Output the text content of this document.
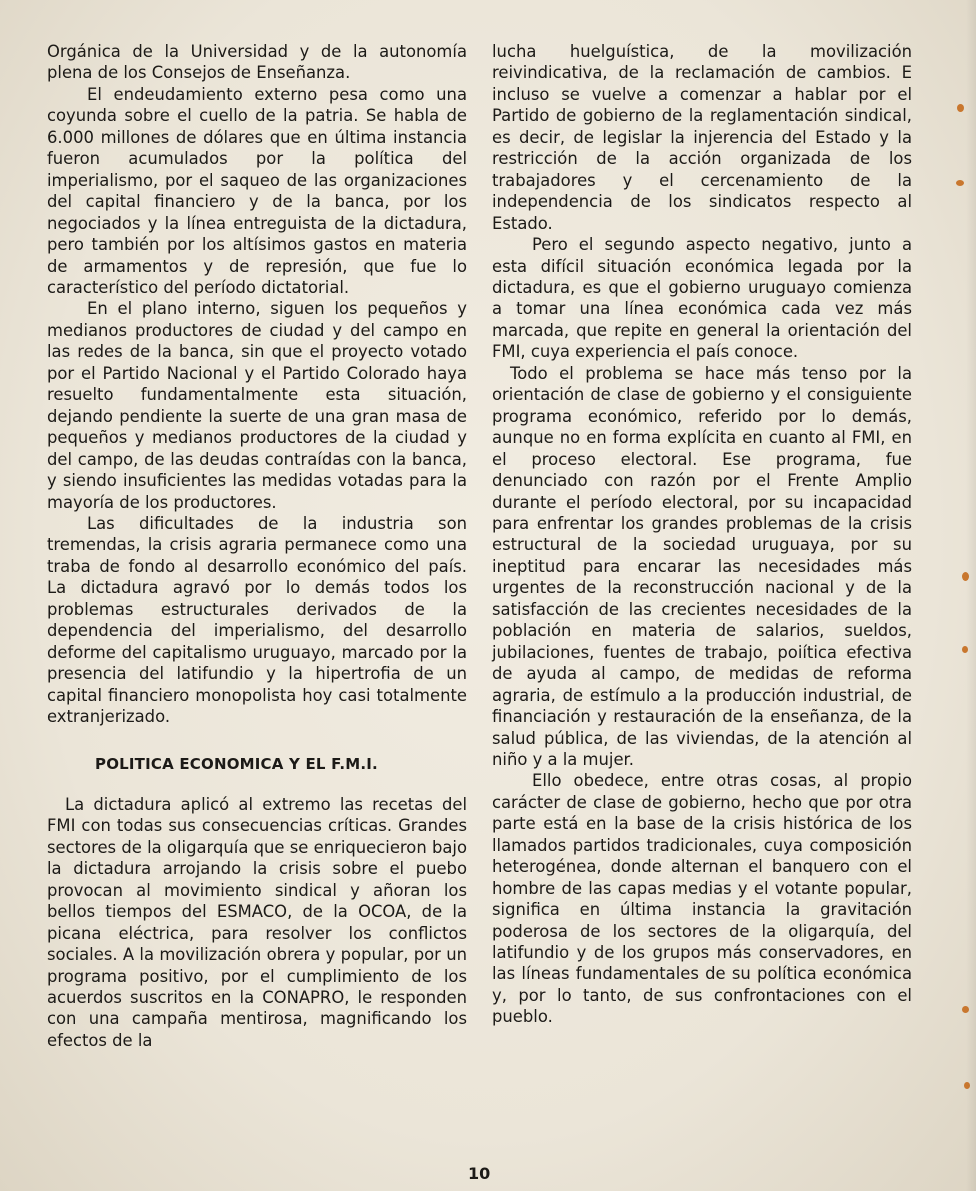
Orgánica de la Universidad y de la autonomía plena de los Consejos de Enseñanza.

El endeudamiento externo pesa como una coyunda sobre el cuello de la patria. Se habla de 6.000 millones de dólares que en última instancia fueron acumulados por la política del imperialismo, por el saqueo de las organizaciones del capital financiero y de la banca, por los negociados y la línea entreguista de la dictadura, pero también por los altísimos gastos en materia de armamentos y de represión, que fue lo característico del período dictatorial.

En el plano interno, siguen los pequeños y medianos productores de ciudad y del campo en las redes de la banca, sin que el proyecto votado por el Partido Nacional y el Partido Colorado haya resuelto fundamentalmente esta situación, dejando pendiente la suerte de una gran masa de pequeños y medianos productores de la ciudad y del campo, de las deudas contraídas con la banca, y siendo insuficientes las medidas votadas para la mayoría de los productores.

Las dificultades de la industria son tremendas, la crisis agraria permanece como una traba de fondo al desarrollo económico del país. La dictadura agravó por lo demás todos los problemas estructurales derivados de la dependencia del imperialismo, del desarrollo deforme del capitalismo uruguayo, marcado por la presencia del latifundio y la hipertrofia de un capital financiero monopolista hoy casi totalmente extranjerizado.

POLITICA ECONOMICA Y EL F.M.I.

La dictadura aplicó al extremo las recetas del FMI con todas sus consecuencias críticas. Grandes sectores de la oligarquía que se enriquecieron bajo la dictadura arrojando la crisis sobre el puebo provocan al movimiento sindical y añoran los bellos tiempos del ESMACO, de la OCOA, de la picana eléctrica, para resolver los conflictos sociales. A la movilización obrera y popular, por un programa positivo, por el cumplimiento de los acuerdos suscritos en la CONAPRO, le responden con una campaña mentirosa, magnificando los efectos de la

lucha huelguística, de la movilización reivindicativa, de la reclamación de cambios. E incluso se vuelve a comenzar a hablar por el Partido de gobierno de la reglamentación sindical, es decir, de legislar la injerencia del Estado y la restricción de la acción organizada de los trabajadores y el cercenamiento de la independencia de los sindicatos respecto al Estado.

Pero el segundo aspecto negativo, junto a esta difícil situación económica legada por la dictadura, es que el gobierno uruguayo comienza a tomar una línea económica cada vez más marcada, que repite en general la orientación del FMI, cuya experiencia el país conoce.

Todo el problema se hace más tenso por la orientación de clase de gobierno y el consiguiente programa económico, referido por lo demás, aunque no en forma explícita en cuanto al FMI, en el proceso electoral. Ese programa, fue denunciado con razón por el Frente Amplio durante el período electoral, por su incapacidad para enfrentar los grandes problemas de la crisis estructural de la sociedad uruguaya, por su ineptitud para encarar las necesidades más urgentes de la reconstrucción nacional y de la satisfacción de las crecientes necesidades de la población en materia de salarios, sueldos, jubilaciones, fuentes de trabajo, poiítica efectiva de ayuda al campo, de medidas de reforma agraria, de estímulo a la producción industrial, de financiación y restauración de la enseñanza, de la salud pública, de las viviendas, de la atención al niño y a la mujer.

Ello obedece, entre otras cosas, al propio carácter de clase de gobierno, hecho que por otra parte está en la base de la crisis histórica de los llamados partidos tradicionales, cuya composición heterogénea, donde alternan el banquero con el hombre de las capas medias y el votante popular, significa en última instancia la gravitación poderosa de los sectores de la oligarquía, del latifundio y de los grupos más conservadores, en las líneas fundamentales de su política económica y, por lo tanto, de sus confrontaciones con el pueblo.

10
